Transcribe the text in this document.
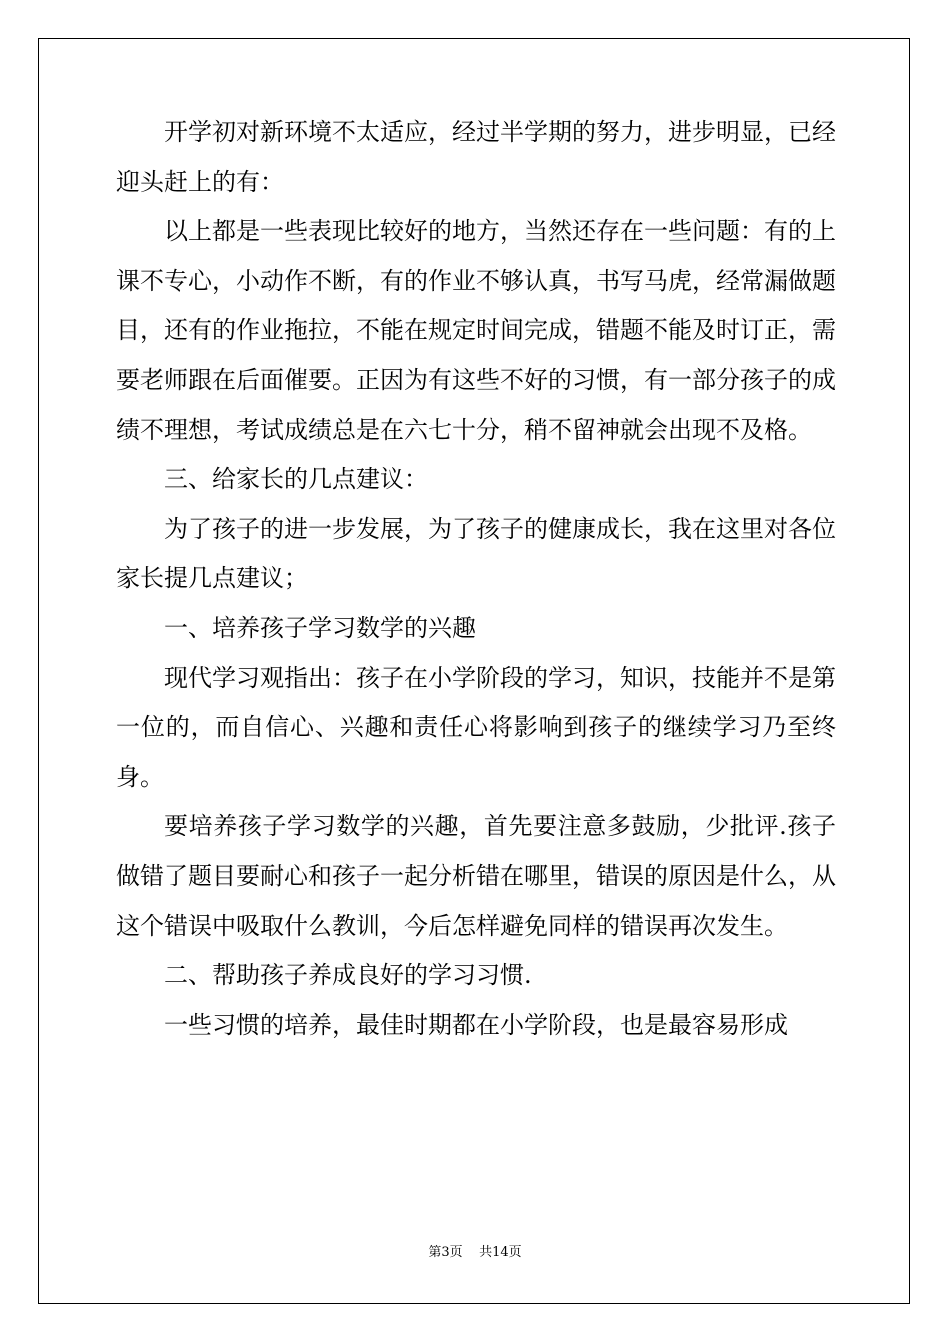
开学初对新环境不太适应，经过半学期的努力，进步明显，已经迎头赶上的有：

以上都是一些表现比较好的地方，当然还存在一些问题：有的上课不专心，小动作不断，有的作业不够认真，书写马虎，经常漏做题目，还有的作业拖拉，不能在规定时间完成，错题不能及时订正，需要老师跟在后面催要。正因为有这些不好的习惯，有一部分孩子的成绩不理想，考试成绩总是在六七十分，稍不留神就会出现不及格。

三、给家长的几点建议：

为了孩子的进一步发展，为了孩子的健康成长，我在这里对各位家长提几点建议；

一、培养孩子学习数学的兴趣

现代学习观指出：孩子在小学阶段的学习，知识，技能并不是第一位的，而自信心、兴趣和责任心将影响到孩子的继续学习乃至终身。

要培养孩子学习数学的兴趣，首先要注意多鼓励，少批评.孩子做错了题目要耐心和孩子一起分析错在哪里，错误的原因是什么，从这个错误中吸取什么教训，今后怎样避免同样的错误再次发生。

二、帮助孩子养成良好的学习习惯.

一些习惯的培养，最佳时期都在小学阶段，也是最容易形成

第3页 共14页
